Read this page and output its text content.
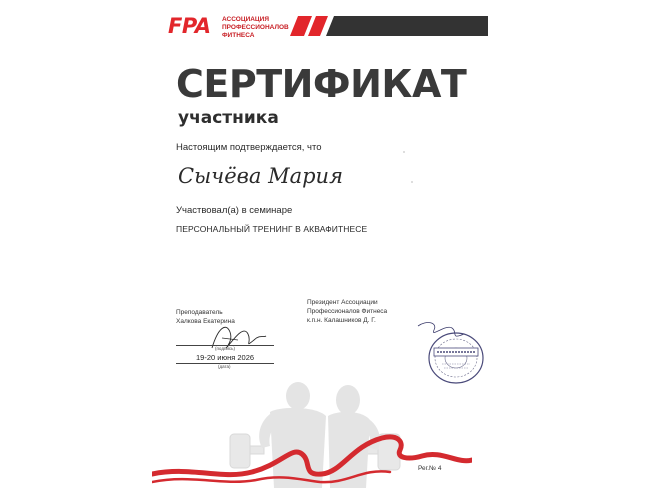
FPA АССОЦИАЦИЯ
ПРОФЕССИОНАЛОВ
ФИТНЕСА
СЕРТИФИКАТ
участника
Настоящим подтверждается, что
Сычёва Мария
Участвовал(а) в семинаре
ПЕРСОНАЛЬНЫЙ ТРЕНИНГ В АКВАФИТНЕСЕ
Преподаватель
Халкова Екатерина
(подпись)
19-20 июня 2026
(дата)
Президент Ассоциации
Профессионалов Фитнеса
к.п.н. Калашников Д. Г.
Рег.№ 4
